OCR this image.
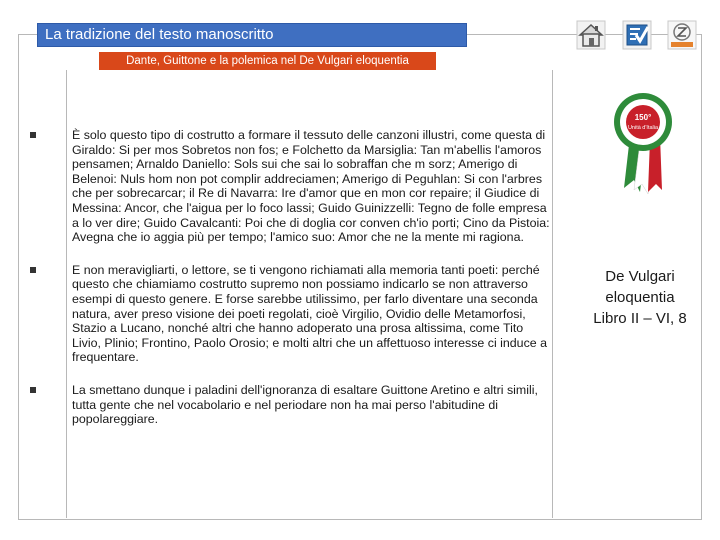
La tradizione del testo manoscritto
Dante, Guittone e la polemica nel De Vulgari eloquentia
150°
Unità d'Italia

È solo questo tipo di costrutto a formare il tessuto delle canzoni illustri, come questa di Giraldo: Si per mos Sobretos non fos; e Folchetto da Marsiglia: Tan m'abellis l'amoros pensamen; Arnaldo Daniello: Sols sui che sai lo sobraffan che m sorz; Amerigo di Belenoi: Nuls hom non pot complir addreciamen; Amerigo di Peguhlan: Si con l'arbres che per sobrecarcar; il Re di Navarra: Ire d'amor que en mon cor repaire; il Giudice di Messina: Ancor, che l'aigua per lo foco lassi; Guido Guinizzelli: Tegno de folle empresa a lo ver dire; Guido Cavalcanti: Poi che di doglia cor conven ch'io porti; Cino da Pistoia: Avegna che io aggia più per tempo; l'amico suo: Amor che ne la mente mi ragiona.

E non meravigliarti, o lettore, se ti vengono richiamati alla memoria tanti poeti: perché questo che chiamiamo costrutto supremo non possiamo indicarlo se non attraverso esempi di questo genere. E forse sarebbe utilissimo, per farlo diventare una seconda natura, aver preso visione dei poeti regolati, cioè Virgilio, Ovidio delle Metamorfosi, Stazio a Lucano, nonché altri che hanno adoperato una prosa altissima, come Tito Livio, Plinio; Frontino, Paolo Orosio; e molti altri che un affettuoso interesse ci induce a frequentare.

La smettano dunque i paladini dell'ignoranza di esaltare Guittone Aretino e altri simili, tutta gente che nel vocabolario e nel periodare non ha mai perso l'abitudine di popolareggiare.

De Vulgari
eloquentia
Libro II – VI, 8
